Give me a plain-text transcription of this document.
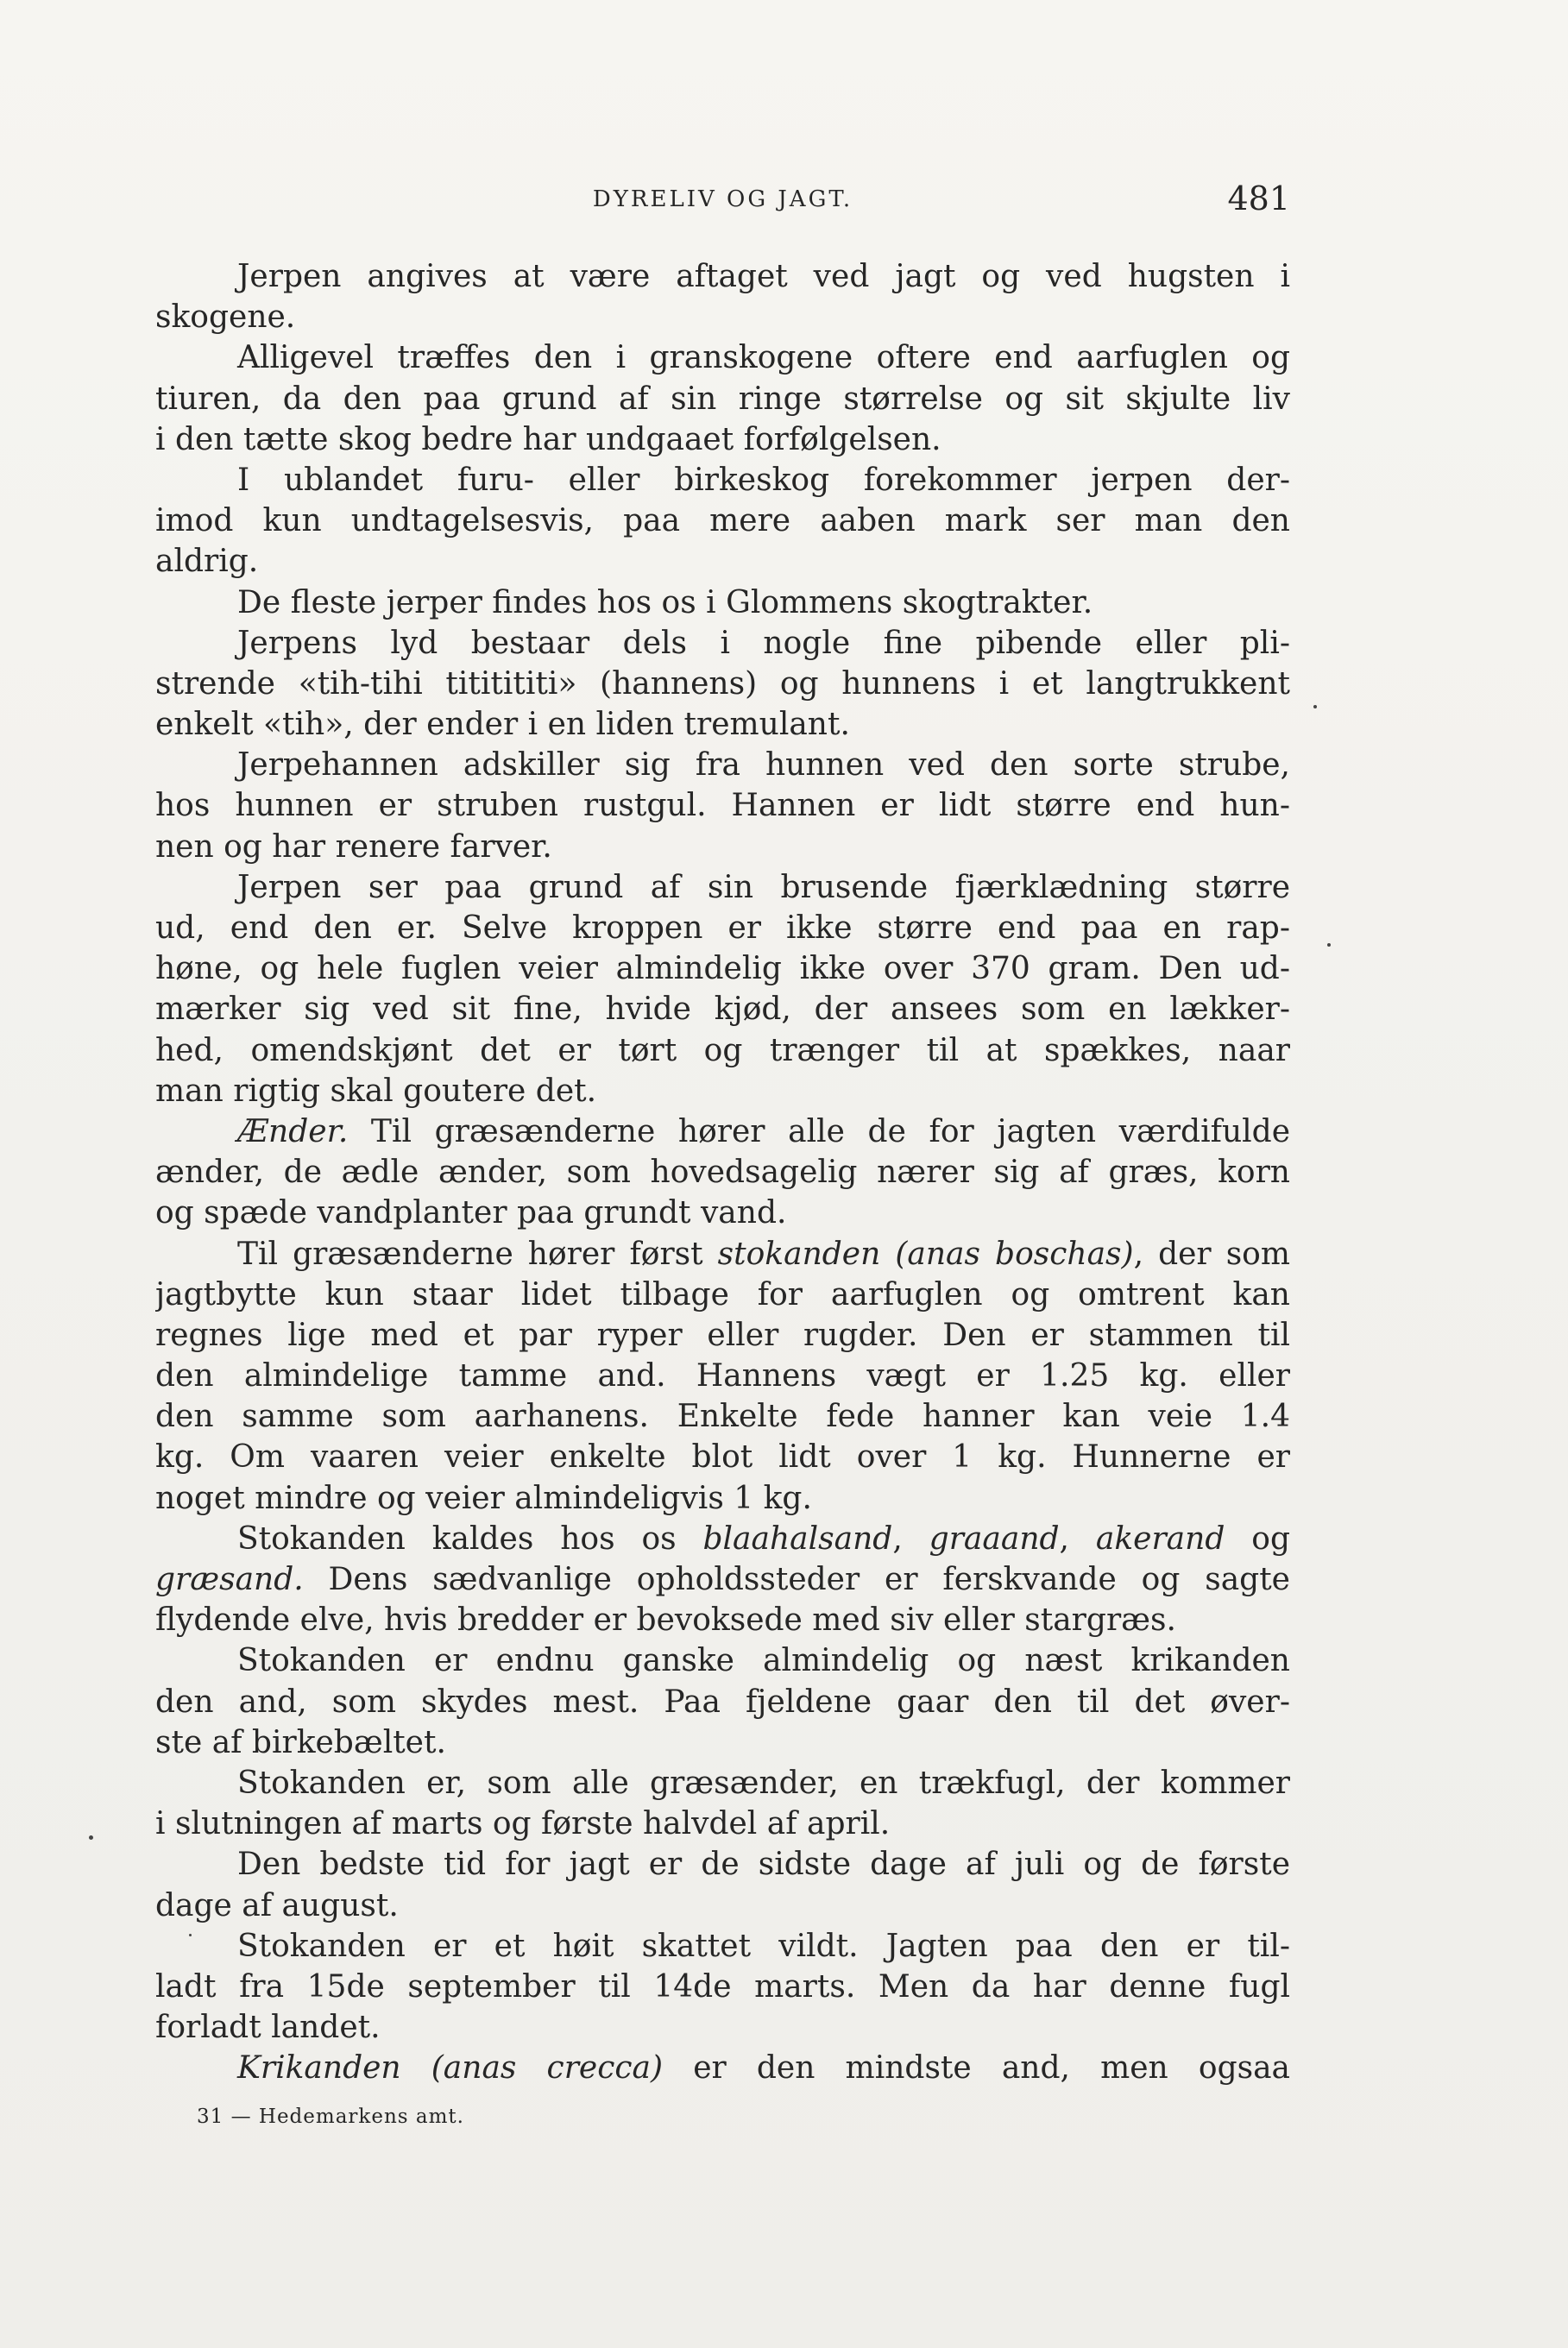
DYRELIV OG JAGT.	481
Jerpen angives at være aftaget ved jagt og ved hugsten i
skogene.
Alligevel træffes den i granskogene oftere end aarfuglen og
tiuren, da den paa grund af sin ringe størrelse og sit skjulte liv
i den tætte skog bedre har undgaaet forfølgelsen.
I ublandet furu- eller birkeskog forekommer jerpen der-
imod kun undtagelsesvis, paa mere aaben mark ser man den
aldrig.
De fleste jerper findes hos os i Glommens skogtrakter.
Jerpens lyd bestaar dels i nogle fine pibende eller pli-
strende «tih-tihi tititititi» (hannens) og hunnens i et langtrukkent
enkelt «tih», der ender i en liden tremulant.
Jerpehannen adskiller sig fra hunnen ved den sorte strube,
hos hunnen er struben rustgul. Hannen er lidt større end hun-
nen og har renere farver.
Jerpen ser paa grund af sin brusende fjærklædning større
ud, end den er. Selve kroppen er ikke større end paa en rap-
høne, og hele fuglen veier almindelig ikke over 370 gram. Den ud-
mærker sig ved sit fine, hvide kjød, der ansees som en lækker-
hed, omendskjønt det er tørt og trænger til at spækkes, naar
man rigtig skal goutere det.
Ænder. Til græsænderne hører alle de for jagten værdifulde
ænder, de ædle ænder, som hovedsagelig nærer sig af græs, korn
og spæde vandplanter paa grundt vand.
Til græsænderne hører først stokanden (anas boschas), der som
jagtbytte kun staar lidet tilbage for aarfuglen og omtrent kan
regnes lige med et par ryper eller rugder. Den er stammen til
den almindelige tamme and. Hannens vægt er 1.25 kg. eller
den samme som aarhanens. Enkelte fede hanner kan veie 1.4
kg. Om vaaren veier enkelte blot lidt over 1 kg. Hunnerne er
noget mindre og veier almindeligvis 1 kg.
Stokanden kaldes hos os blaahalsand, graaand, akerand og
græsand. Dens sædvanlige opholdssteder er ferskvande og sagte
flydende elve, hvis bredder er bevoksede med siv eller stargræs.
Stokanden er endnu ganske almindelig og næst krikanden
den and, som skydes mest. Paa fjeldene gaar den til det øver-
ste af birkebæltet.
Stokanden er, som alle græsænder, en trækfugl, der kommer
i slutningen af marts og første halvdel af april.
Den bedste tid for jagt er de sidste dage af juli og de første
dage af august.
Stokanden er et høit skattet vildt. Jagten paa den er til-
ladt fra 15de september til 14de marts. Men da har denne fugl
forladt landet.
Krikanden (anas crecca) er den mindste and, men ogsaa
31 — Hedemarkens amt.
